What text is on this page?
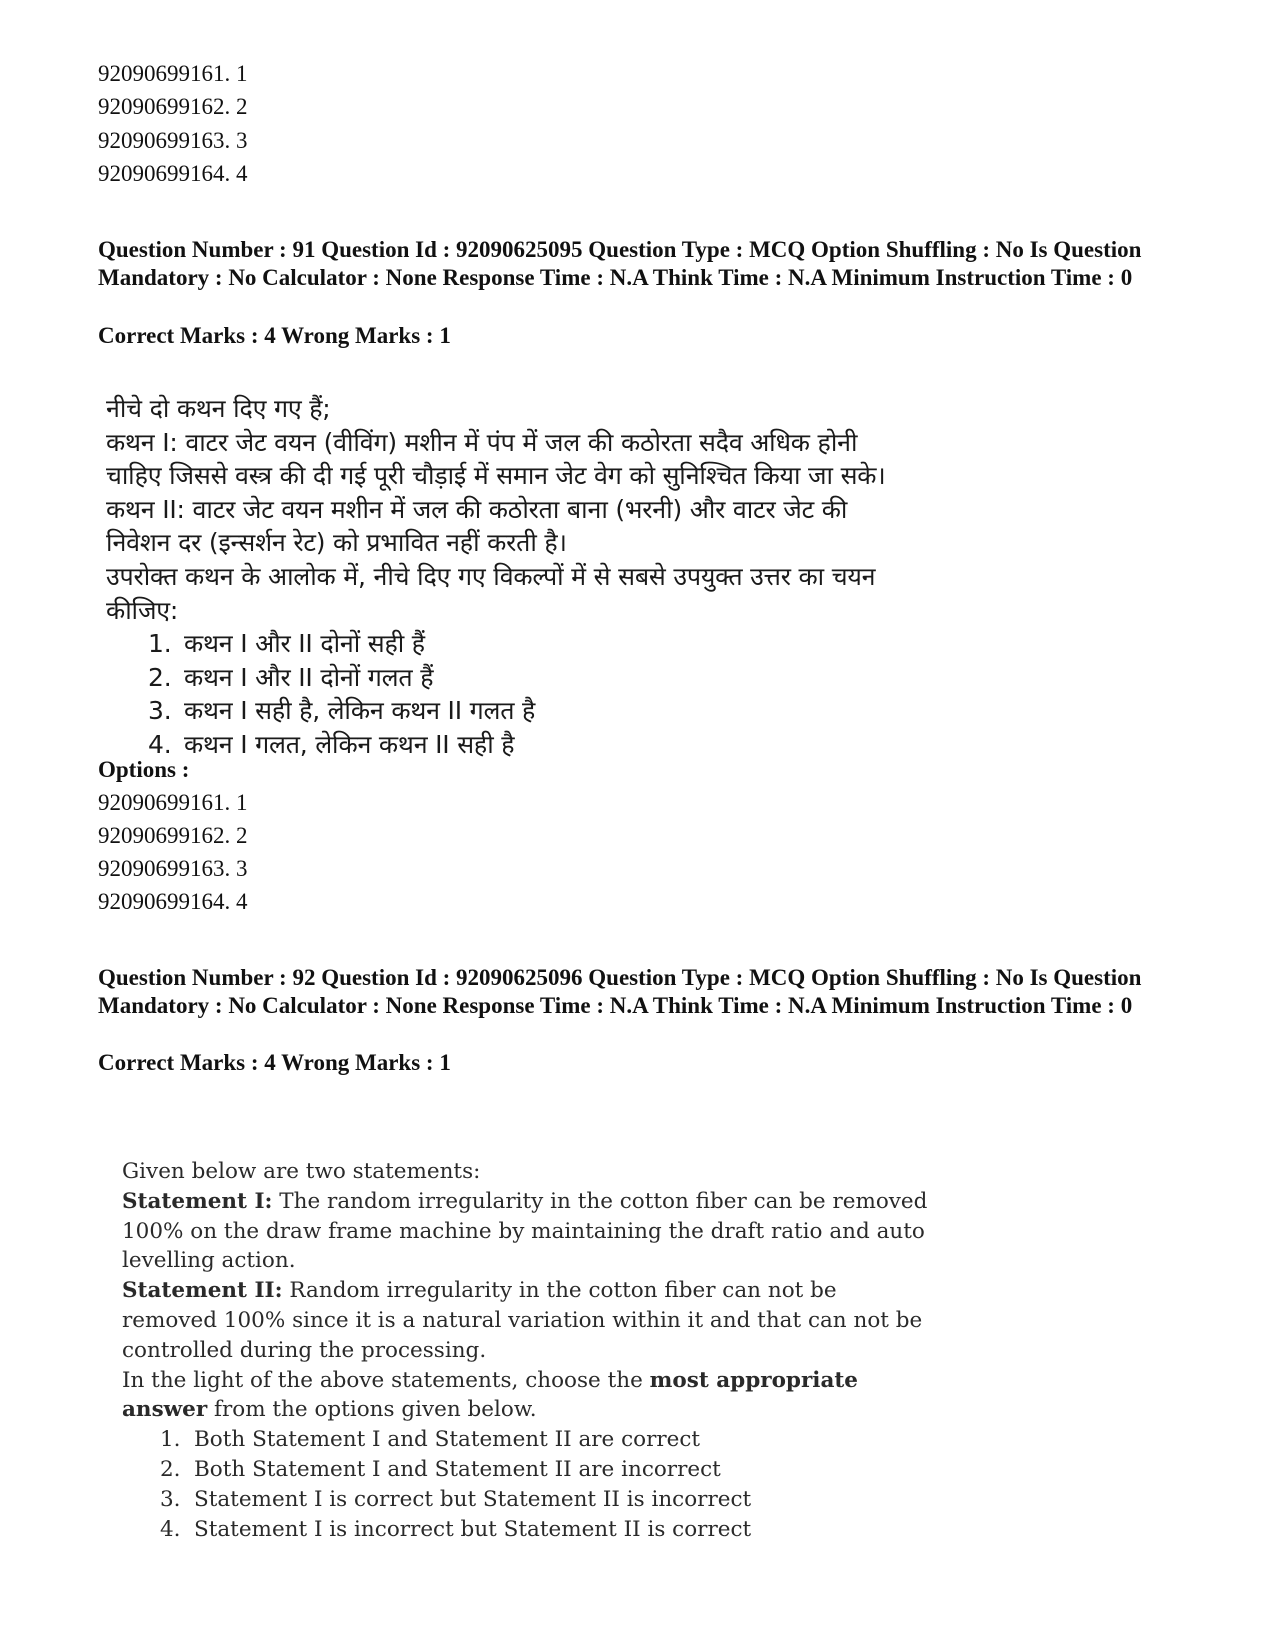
92090699161. 1
92090699162. 2
92090699163. 3
92090699164. 4
Question Number : 91 Question Id : 92090625095 Question Type : MCQ Option Shuffling : No Is Question Mandatory : No Calculator : None Response Time : N.A Think Time : N.A Minimum Instruction Time : 0
Correct Marks : 4 Wrong Marks : 1

नीचे दो कथन दिए गए हैं;

कथन I: वाटर जेट वयन (वीविंग) मशीन में पंप में जल की कठोरता सदैव अधिक होनी

चाहिए जिससे वस्त्र की दी गई पूरी चौड़ाई में समान जेट वेग को सुनिश्चित किया जा सके।

कथन II: वाटर जेट वयन मशीन में जल की कठोरता बाना (भरनी) और वाटर जेट की

निवेशन दर (इन्सर्शन रेट) को प्रभावित नहीं करती है।

उपरोक्त कथन के आलोक में, नीचे दिए गए विकल्पों में से सबसे उपयुक्त उत्तर का चयन

कीजिए:

1. कथन I और II दोनों सही हैं
2. कथन I और II दोनों गलत हैं
3. कथन I सही है, लेकिन कथन II गलत है
4. कथन I गलत, लेकिन कथन II सही है
Options :
92090699161. 1
92090699162. 2
92090699163. 3
92090699164. 4
Question Number : 92 Question Id : 92090625096 Question Type : MCQ Option Shuffling : No Is Question Mandatory : No Calculator : None Response Time : N.A Think Time : N.A Minimum Instruction Time : 0
Correct Marks : 4 Wrong Marks : 1

Given below are two statements:

Statement I: The random irregularity in the cotton fiber can be removed

100% on the draw frame machine by maintaining the draft ratio and auto

levelling action.

Statement II: Random irregularity in the cotton fiber can not be

removed 100% since it is a natural variation within it and that can not be

controlled during the processing.

In the light of the above statements, choose the most appropriate

answer from the options given below.

1. Both Statement I and Statement II are correct
2. Both Statement I and Statement II are incorrect
3. Statement I is correct but Statement II is incorrect
4. Statement I is incorrect but Statement II is correct
